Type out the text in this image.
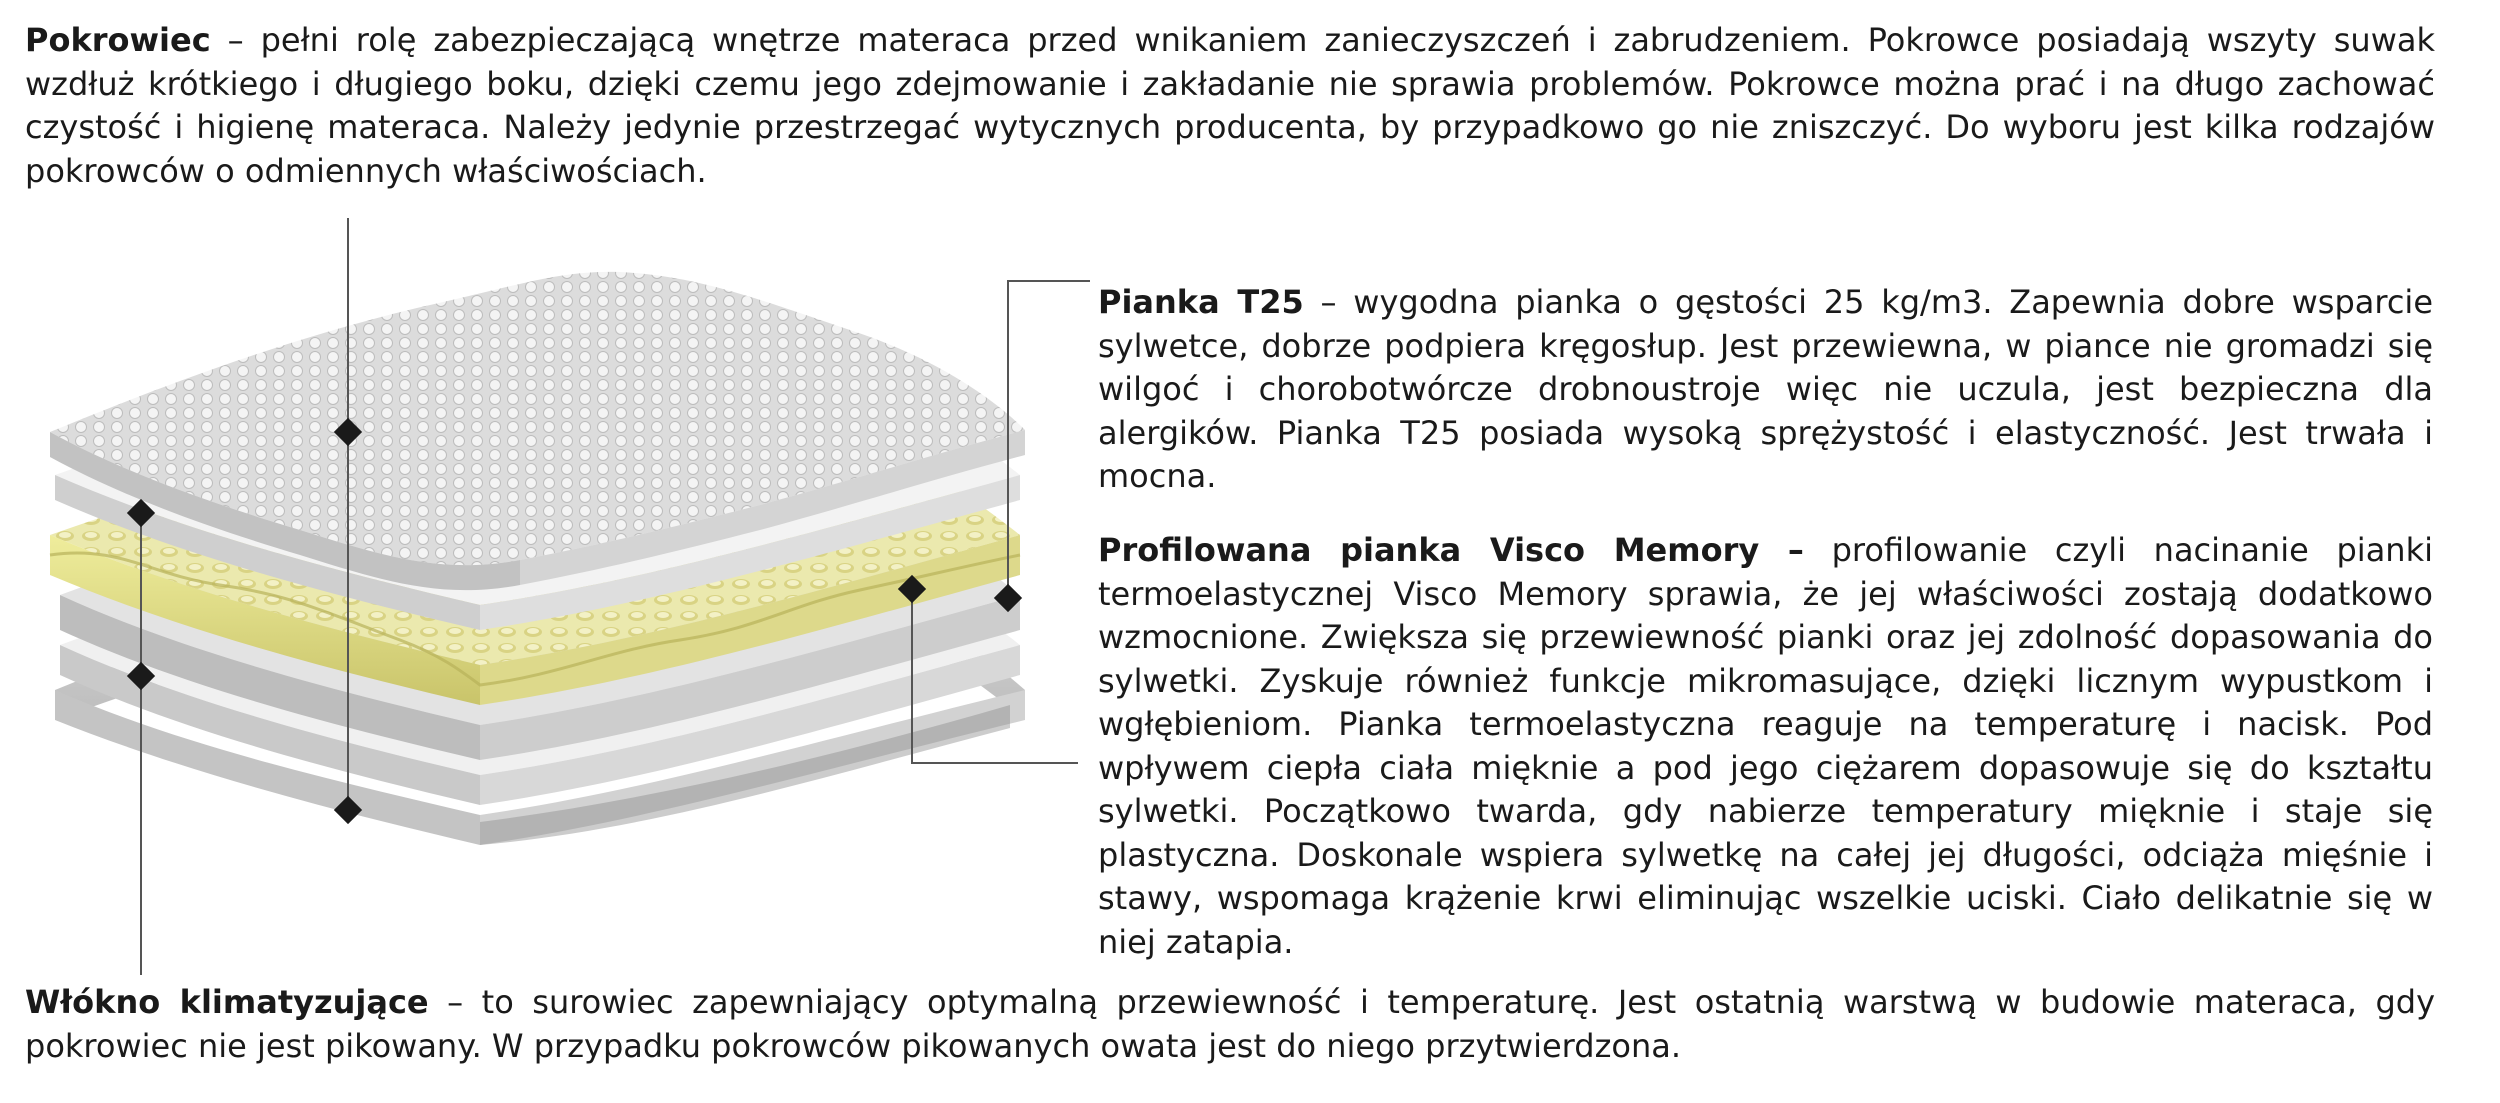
Pokrowiec – pełni rolę zabezpieczającą wnętrze materaca przed wnikaniem zanieczyszczeń i zabrudzeniem. Pokrowce posiadają wszyty suwak wzdłuż krótkiego i długiego boku, dzięki czemu jego zdejmowanie i zakładanie nie sprawia problemów. Pokrowce można prać i na długo zachować czystość i higienę materaca. Należy jedynie przestrzegać wytycznych producenta, by przypadkowo go nie zniszczyć. Do wyboru jest kilka rodzajów pokrowców o odmiennych właściwościach.

Pianka T25 – wygodna pianka o gęstości 25 kg/m3. Zapewnia dobre wsparcie sylwetce, dobrze podpiera kręgosłup. Jest przewiewna, w piance nie gromadzi się wilgoć i chorobotwórcze drobnoustroje więc nie uczula, jest bezpieczna dla alergików. Pianka T25 posiada wysoką sprężystość i elastyczność. Jest trwała i mocna.

Profilowana pianka Visco Memory – profilowanie czyli nacinanie pianki termoelastycznej Visco Memory sprawia, że jej właściwości zostają dodatkowo wzmocnione. Zwiększa się przewiewność pianki oraz jej zdolność dopasowania do sylwetki. Zyskuje również funkcje mikromasujące, dzięki licznym wypustkom i wgłębieniom. Pianka termoelastyczna reaguje na temperaturę i nacisk. Pod wpływem ciepła ciała mięknie a pod jego ciężarem dopasowuje się do kształtu sylwetki. Początkowo twarda, gdy nabierze temperatury mięknie i staje się plastyczna. Doskonale wspiera sylwetkę na całej jej długości, odciąża mięśnie i stawy, wspomaga krążenie krwi eliminując wszelkie uciski. Ciało delikatnie się w niej zatapia.

Włókno klimatyzujące – to surowiec zapewniający optymalną przewiewność i temperaturę. Jest ostatnią warstwą w budowie materaca, gdy pokrowiec nie jest pikowany. W przypadku pokrowców pikowanych owata jest do niego przytwierdzona.
